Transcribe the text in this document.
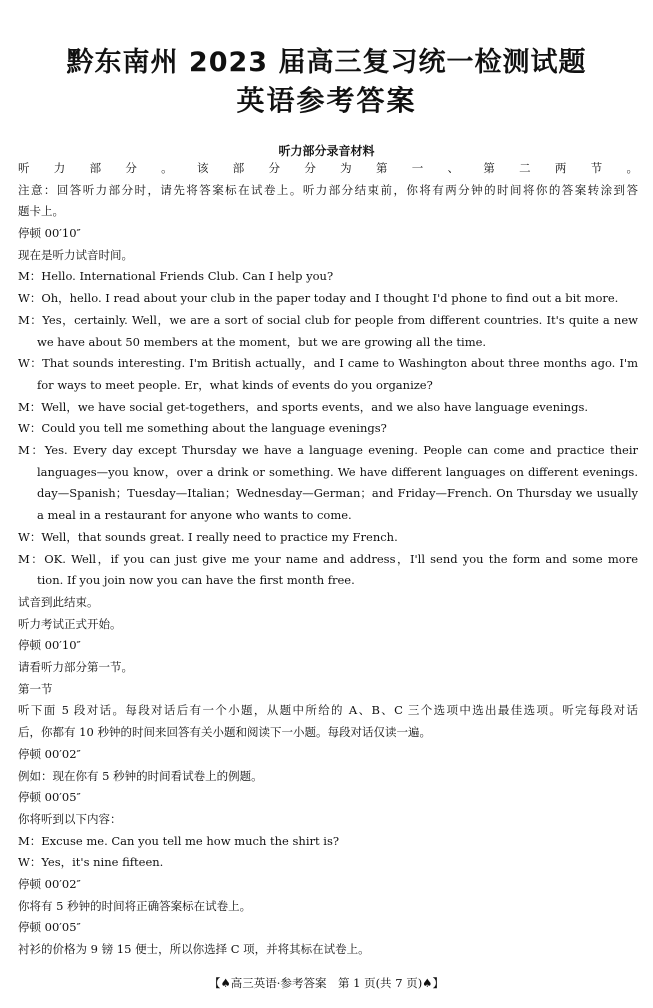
黔东南州 2023 届高三复习统一检测试题
英语参考答案
听力部分录音材料
听力部分。该部分分为第一、第二两节。
注意：回答听力部分时，请先将答案标在试卷上。听力部分结束前，你将有两分钟的时间将你的答案转涂到答
题卡上。
停顿 00′10″
现在是听力试音时间。
M：Hello. International Friends Club. Can I help you?
W：Oh，hello. I read about your club in the paper today and I thought I'd phone to find out a bit more.
M：Yes，certainly. Well，we are a sort of social club for people from different countries. It's quite a new
we have about 50 members at the moment，but we are growing all the time.
W：That sounds interesting. I'm British actually，and I came to Washington about three months ago. I'm
for ways to meet people. Er，what kinds of events do you organize?
M：Well，we have social get-togethers，and sports events，and we also have language evenings.
W：Could you tell me something about the language evenings?
M：Yes. Every day except Thursday we have a language evening. People can come and practice their
languages—you know，over a drink or something. We have different languages on different evenings.
day—Spanish；Tuesday—Italian；Wednesday—German；and Friday—French. On Thursday we usually
a meal in a restaurant for anyone who wants to come.
W：Well，that sounds great. I really need to practice my French.
M：OK. Well，if you can just give me your name and address，I'll send you the form and some more
tion. If you join now you can have the first month free.
试音到此结束。
听力考试正式开始。
停顿 00′10″
请看听力部分第一节。
第一节
听下面 5 段对话。每段对话后有一个小题，从题中所给的 A、B、C 三个选项中选出最佳选项。听完每段对话
后，你都有 10 秒钟的时间来回答有关小题和阅读下一小题。每段对话仅读一遍。
停顿 00′02″
例如：现在你有 5 秒钟的时间看试卷上的例题。
停顿 00′05″
你将听到以下内容：
M：Excuse me. Can you tell me how much the shirt is?
W：Yes，it's nine fifteen.
停顿 00′02″
你将有 5 秒钟的时间将正确答案标在试卷上。
停顿 00′05″
衬衫的价格为 9 镑 15 便士，所以你选择 C 项，并将其标在试卷上。
【♠高三英语·参考答案　第 1 页(共 7 页)♠】
